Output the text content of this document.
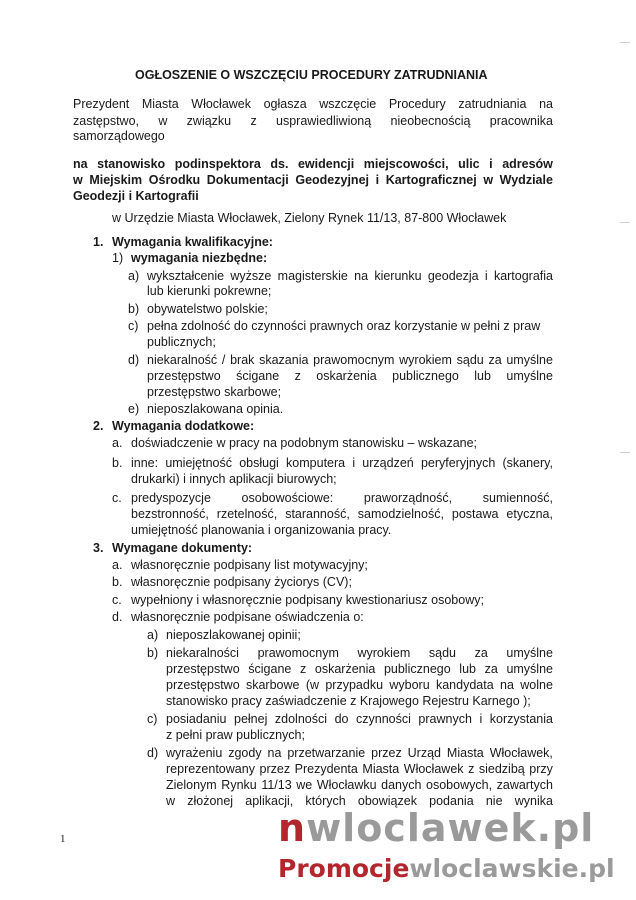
OGŁOSZENIE O WSZCZĘCIU PROCEDURY ZATRUDNIANIA
Prezydent Miasta Włocławek ogłasza wszczęcie Procedury zatrudniania na
zastępstwo, w związku z usprawiedliwioną nieobecnością pracownika
samorządowego
na stanowisko podinspektora ds. ewidencji miejscowości, ulic i adresów
w Miejskim Ośrodku Dokumentacji Geodezyjnej i Kartograficznej w Wydziale
Geodezji i Kartografii
w Urzędzie Miasta Włocławek, Zielony Rynek 11/13, 87-800 Włocławek
1. Wymagania kwalifikacyjne:
1) wymagania niezbędne:
a) wykształcenie wyższe magisterskie na kierunku geodezja i kartografia
lub kierunki pokrewne;
b) obywatelstwo polskie;
c) pełna zdolność do czynności prawnych oraz korzystanie w pełni z praw
publicznych;
d) niekaralność / brak skazania prawomocnym wyrokiem sądu za umyślne
przestępstwo ścigane z oskarżenia publicznego lub umyślne
przestępstwo skarbowe;
e) nieposzlakowana opinia.
2. Wymagania dodatkowe:
a. doświadczenie w pracy na podobnym stanowisku – wskazane;
b. inne: umiejętność obsługi komputera i urządzeń peryferyjnych (skanery,
drukarki) i innych aplikacji biurowych;
c. predyspozycje osobowościowe: praworządność, sumienność,
bezstronność, rzetelność, staranność, samodzielność, postawa etyczna,
umiejętność planowania i organizowania pracy.
3. Wymagane dokumenty:
a. własnoręcznie podpisany list motywacyjny;
b. własnoręcznie podpisany życiorys (CV);
c. wypełniony i własnoręcznie podpisany kwestionariusz osobowy;
d. własnoręcznie podpisane oświadczenia o:
a) nieposzlakowanej opinii;
b) niekaralności prawomocnym wyrokiem sądu za umyślne
przestępstwo ścigane z oskarżenia publicznego lub za umyślne
przestępstwo skarbowe (w przypadku wyboru kandydata na wolne
stanowisko pracy zaświadczenie z Krajowego Rejestru Karnego );
c) posiadaniu pełnej zdolności do czynności prawnych i korzystania
z pełni praw publicznych;
d) wyrażeniu zgody na przetwarzanie przez Urząd Miasta Włocławek,
reprezentowany przez Prezydenta Miasta Włocławek z siedzibą przy
Zielonym Rynku 11/13 we Włocławku danych osobowych, zawartych
w złożonej aplikacji, których obowiązek podania nie wynika
1	nwloclawek.pl
Promocjewloclawskie.pl
